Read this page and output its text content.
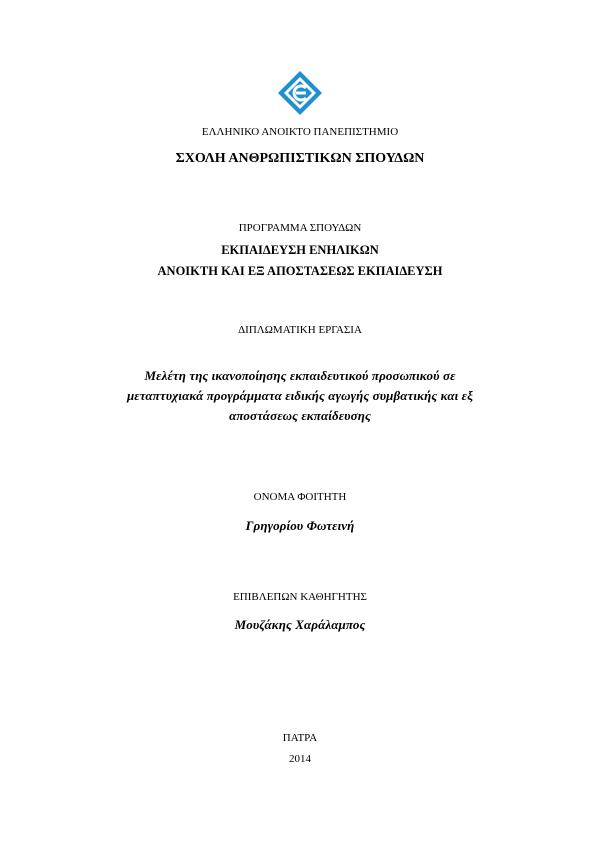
ΕΛΛΗΝΙΚΟ ΑΝΟΙΚΤΟ ΠΑΝΕΠΙΣΤΗΜΙΟ
ΣΧΟΛΗ ΑΝΘΡΩΠΙΣΤΙΚΩΝ ΣΠΟΥΔΩΝ
ΠΡΟΓΡΑΜΜΑ ΣΠΟΥΔΩΝ
ΕΚΠΑΙΔΕΥΣΗ ΕΝΗΛΙΚΩΝ
ΑΝΟΙΚΤΗ ΚΑΙ ΕΞ ΑΠΟΣΤΑΣΕΩΣ ΕΚΠΑΙΔΕΥΣΗ
ΔΙΠΛΩΜΑΤΙΚΗ ΕΡΓΑΣΙΑ
Μελέτη της ικανοποίησης εκπαιδευτικού προσωπικού σε
μεταπτυχιακά προγράμματα ειδικής αγωγής συμβατικής και εξ
αποστάσεως εκπαίδευσης
ΟΝΟΜΑ ΦΟΙΤΗΤΗ
Γρηγορίου Φωτεινή
ΕΠΙΒΛΕΠΩΝ ΚΑΘΗΓΗΤΗΣ
Μουζάκης Χαράλαμπος
ΠΑΤΡΑ
2014
